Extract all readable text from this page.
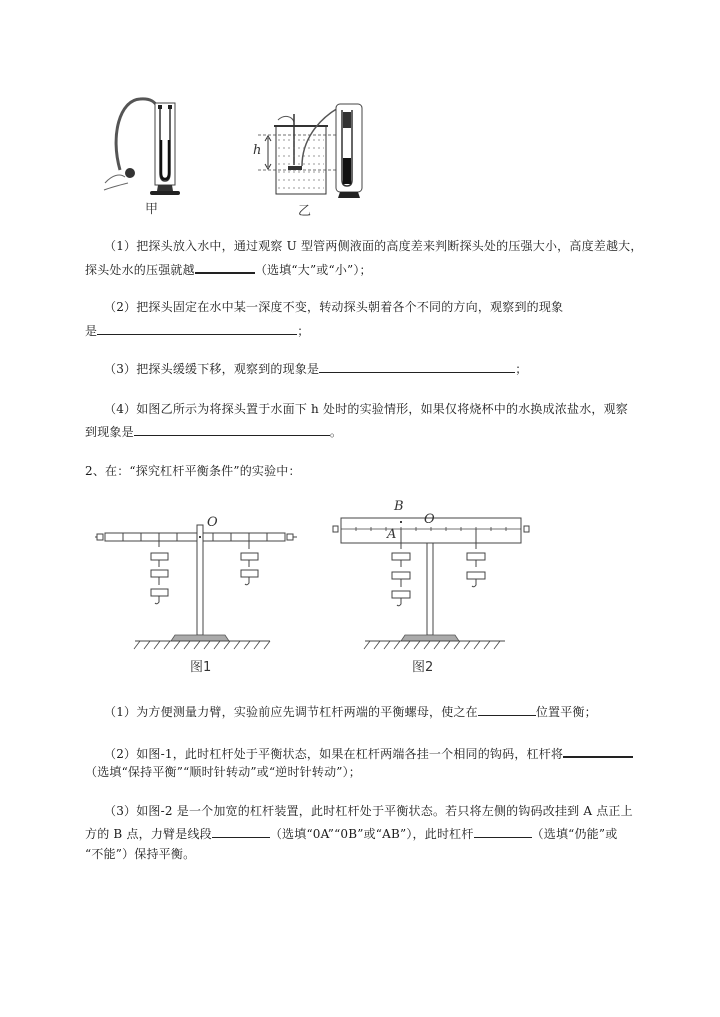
甲
h
乙
（1）把探头放入水中，通过观察 U 型管两侧液面的高度差来判断探头处的压强大小，高度差越大，
探头处水的压强就越	（选填“大”或“小”）；
（2）把探头固定在水中某一深度不变，转动探头朝着各个不同的方向，观察到的现象
是	；
（3）把探头缓缓下移，观察到的现象是	；
（4）如图乙所示为将探头置于水面下 h 处时的实验情形，如果仅将烧杯中的水换成浓盐水，观察
到现象是	。
2、在：“探究杠杆平衡条件”的实验中：
O
图1
B
O
A
图2
（1）为方便测量力臂，实验前应先调节杠杆两端的平衡螺母，使之在	位置平衡；
（2）如图-1，此时杠杆处于平衡状态，如果在杠杆两端各挂一个相同的钩码，杠杆将
（选填“保持平衡”“顺时针转动”或“逆时针转动”）；
（3）如图-2 是一个加宽的杠杆装置，此时杠杆处于平衡状态。若只将左侧的钩码改挂到 A 点正上
方的 B 点，力臂是线段	（选填“0A”“0B”或“AB”），此时杠杆	（选填“仍能”或
“不能”）保持平衡。
